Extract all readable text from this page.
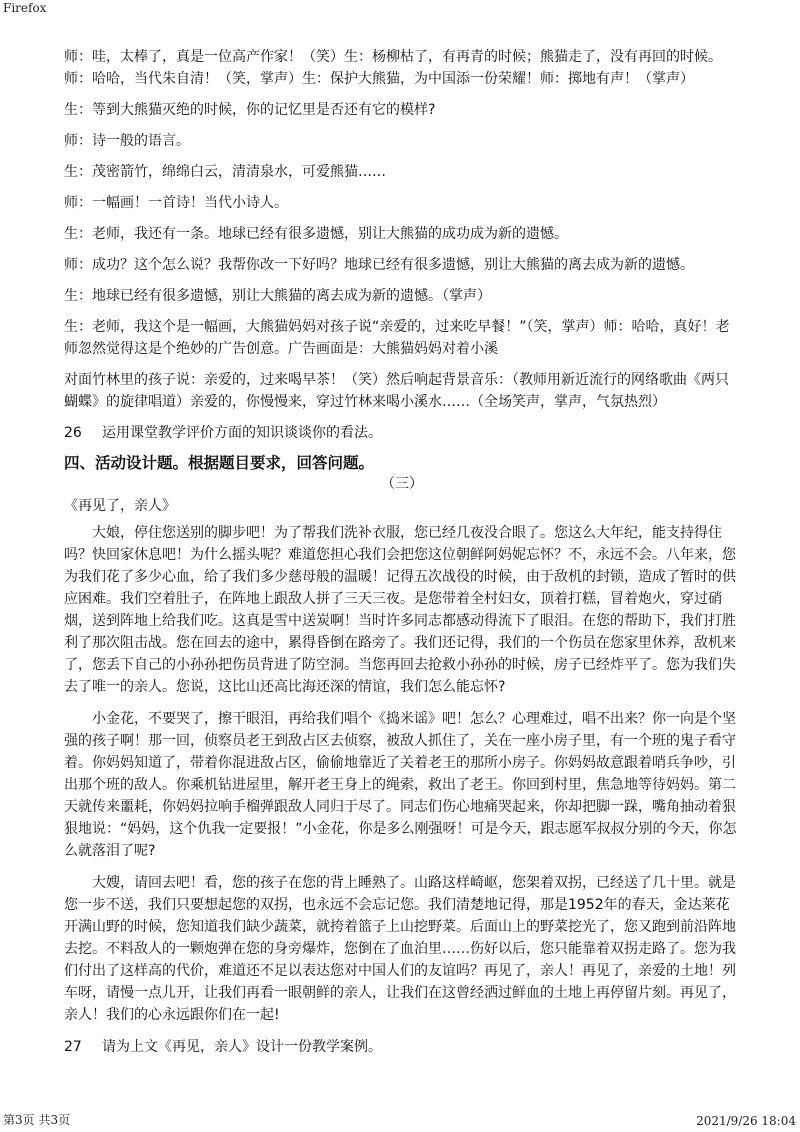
Firefox
师：哇，太棒了，真是一位高产作家！（笑）生：杨柳枯了，有再青的时候；熊猫走了，没有再回的时候。
师：哈哈，当代朱自清！（笑，掌声）生：保护大熊猫，为中国添一份荣耀！师：掷地有声！（掌声）
生：等到大熊猫灭绝的时候，你的记忆里是否还有它的模样?
师：诗一般的语言。
生：茂密箭竹，绵绵白云，清清泉水，可爱熊猫……
师：一幅画！一首诗！当代小诗人。
生：老师，我还有一条。地球已经有很多遗憾，别让大熊猫的成功成为新的遗憾。
师：成功？这个怎么说？我帮你改一下好吗？地球已经有很多遗憾，别让大熊猫的离去成为新的遗憾。
生：地球已经有很多遗憾，别让大熊猫的离去成为新的遗憾。（掌声）
生：老师，我这个是一幅画，大熊猫妈妈对孩子说“亲爱的，过来吃早餐！”（笑，掌声）师：哈哈，真好！老师忽然觉得这是个绝妙的广告创意。广告画面是：大熊猫妈妈对着小溪
对面竹林里的孩子说：亲爱的，过来喝早茶！（笑）然后响起背景音乐：（教师用新近流行的网络歌曲《两只蝴蝶》的旋律唱道）亲爱的，你慢慢来，穿过竹林来喝小溪水……（全场笑声，掌声，气氛热烈）
26 运用课堂教学评价方面的知识谈谈你的看法。
四、活动设计题。根据题目要求，回答问题。
（三）
《再见了，亲人》
大娘，停住您送别的脚步吧！为了帮我们洗补衣服，您已经几夜没合眼了。您这么大年纪，能支持得住吗？快回家休息吧！为什么摇头呢？难道您担心我们会把您这位朝鲜阿妈妮忘怀？不，永远不会。八年来，您为我们花了多少心血，给了我们多少慈母般的温暖！记得五次战役的时候，由于敌机的封锁，造成了暂时的供应困难。我们空着肚子，在阵地上跟敌人拼了三天三夜。是您带着全村妇女，顶着打糕，冒着炮火，穿过硝烟，送到阵地上给我们吃。这真是雪中送炭啊！当时许多同志都感动得流下了眼泪。在您的帮助下，我们打胜利了那次阻击战。您在回去的途中，累得昏倒在路旁了。我们还记得，我们的一个伤员在您家里休养，敌机来了，您丢下自己的小孙孙把伤员背进了防空洞。当您再回去抢救小孙孙的时候，房子已经炸平了。您为我们失去了唯一的亲人。您说，这比山还高比海还深的情谊，我们怎么能忘怀?
小金花，不要哭了，擦干眼泪，再给我们唱个《捣米谣》吧！怎么？心理难过，唱不出来？你一向是个坚强的孩子啊！那一回，侦察员老王到敌占区去侦察，被敌人抓住了，关在一座小房子里，有一个班的鬼子看守着。你妈妈知道了，带着你混进敌占区，偷偷地靠近了关着老王的那所小房子。你妈妈故意跟着哨兵争吵，引出那个班的敌人。你乘机钻进屋里，解开老王身上的绳索，救出了老王。你回到村里，焦急地等待妈妈。第二天就传来噩耗，你妈妈拉响手榴弹跟敌人同归于尽了。同志们伤心地痛哭起来，你却把脚一跺，嘴角抽动着狠狠地说：“妈妈，这个仇我一定要报！”小金花，你是多么刚强呀！可是今天，跟志愿军叔叔分别的今天，你怎么就落泪了呢?
大嫂，请回去吧！看，您的孩子在您的背上睡熟了。山路这样崎岖，您架着双拐，已经送了几十里。就是您一步不送，我们只要想起您的双拐，也永远不会忘记您。我们清楚地记得，那是1952年的春天，金达莱花开满山野的时候，您知道我们缺少蔬菜，就挎着篮子上山挖野菜。后面山上的野菜挖光了，您又跑到前沿阵地去挖。不料敌人的一颗炮弹在您的身旁爆炸，您倒在了血泊里……伤好以后，您只能靠着双拐走路了。您为我们付出了这样高的代价，难道还不足以表达您对中国人们的友谊吗？再见了，亲人！再见了，亲爱的土地！列车呀，请慢一点儿开，让我们再看一眼朝鲜的亲人，让我们在这曾经洒过鲜血的土地上再停留片刻。再见了，亲人！我们的心永远跟你们在一起!
27 请为上文《再见，亲人》设计一份教学案例。
第3页 共3页	2021/9/26 18:04
